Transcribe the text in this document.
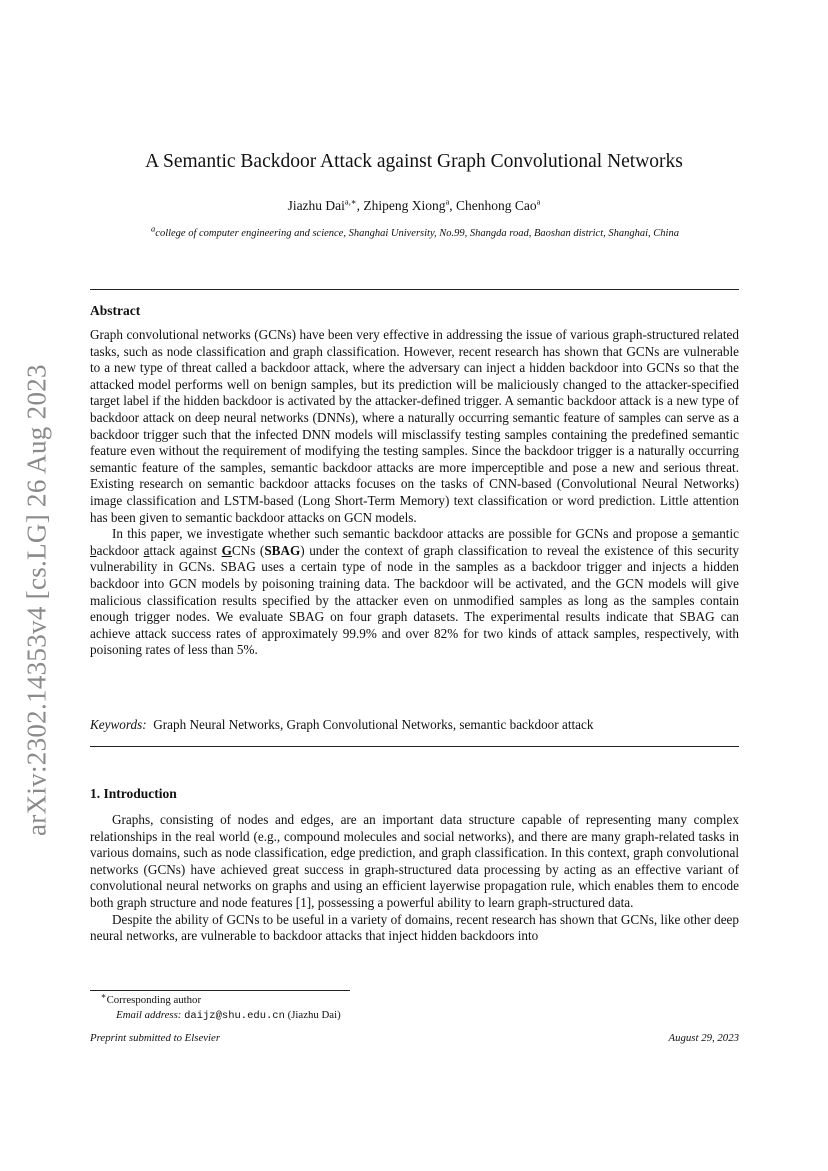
arXiv:2302.14353v4 [cs.LG] 26 Aug 2023
A Semantic Backdoor Attack against Graph Convolutional Networks
Jiazhu Dai$^{a,∗}$, Zhipeng Xiong$^a$, Chenhong Cao$^a$
$^a$college of computer engineering and science, Shanghai University, No.99, Shangda road, Baoshan district, Shanghai, China
Abstract

Graph convolutional networks (GCNs) have been very effective in addressing the issue of various graph-structured related tasks, such as node classification and graph classification. However, recent research has shown that GCNs are vulnerable to a new type of threat called a backdoor attack, where the adversary can inject a hidden backdoor into GCNs so that the attacked model performs well on benign samples, but its prediction will be maliciously changed to the attacker-specified target label if the hidden backdoor is activated by the attacker-defined trigger. A semantic backdoor attack is a new type of backdoor attack on deep neural networks (DNNs), where a naturally occurring semantic feature of samples can serve as a backdoor trigger such that the infected DNN models will misclassify testing samples containing the predefined semantic feature even without the requirement of modifying the testing samples. Since the backdoor trigger is a naturally occurring semantic feature of the samples, semantic backdoor attacks are more imperceptible and pose a new and serious threat. Existing research on semantic backdoor attacks focuses on the tasks of CNN-based (Convolutional Neural Networks) image classification and LSTM-based (Long Short-Term Memory) text classification or word prediction. Little attention has been given to semantic backdoor attacks on GCN models.

In this paper, we investigate whether such semantic backdoor attacks are possible for GCNs and propose a semantic backdoor attack against GCNs (SBAG) under the context of graph classification to reveal the existence of this security vulnerability in GCNs. SBAG uses a certain type of node in the samples as a backdoor trigger and injects a hidden backdoor into GCN models by poisoning training data. The backdoor will be activated, and the GCN models will give malicious classification results specified by the attacker even on unmodified samples as long as the samples contain enough trigger nodes. We evaluate SBAG on four graph datasets. The experimental results indicate that SBAG can achieve attack success rates of approximately 99.9% and over 82% for two kinds of attack samples, respectively, with poisoning rates of less than 5%.

Keywords: Graph Neural Networks, Graph Convolutional Networks, semantic backdoor attack
1. Introduction

Graphs, consisting of nodes and edges, are an important data structure capable of representing many complex relationships in the real world (e.g., compound molecules and social networks), and there are many graph-related tasks in various domains, such as node classification, edge prediction, and graph classification. In this context, graph convolutional networks (GCNs) have achieved great success in graph-structured data processing by acting as an effective variant of convolutional neural networks on graphs and using an efficient layerwise propagation rule, which enables them to encode both graph structure and node features [1], possessing a powerful ability to learn graph-structured data.

Despite the ability of GCNs to be useful in a variety of domains, recent research has shown that GCNs, like other deep neural networks, are vulnerable to backdoor attacks that inject hidden backdoors into

∗Corresponding author
Email address: daijz@shu.edu.cn (Jiazhu Dai)
Preprint submitted to Elsevier	August 29, 2023
